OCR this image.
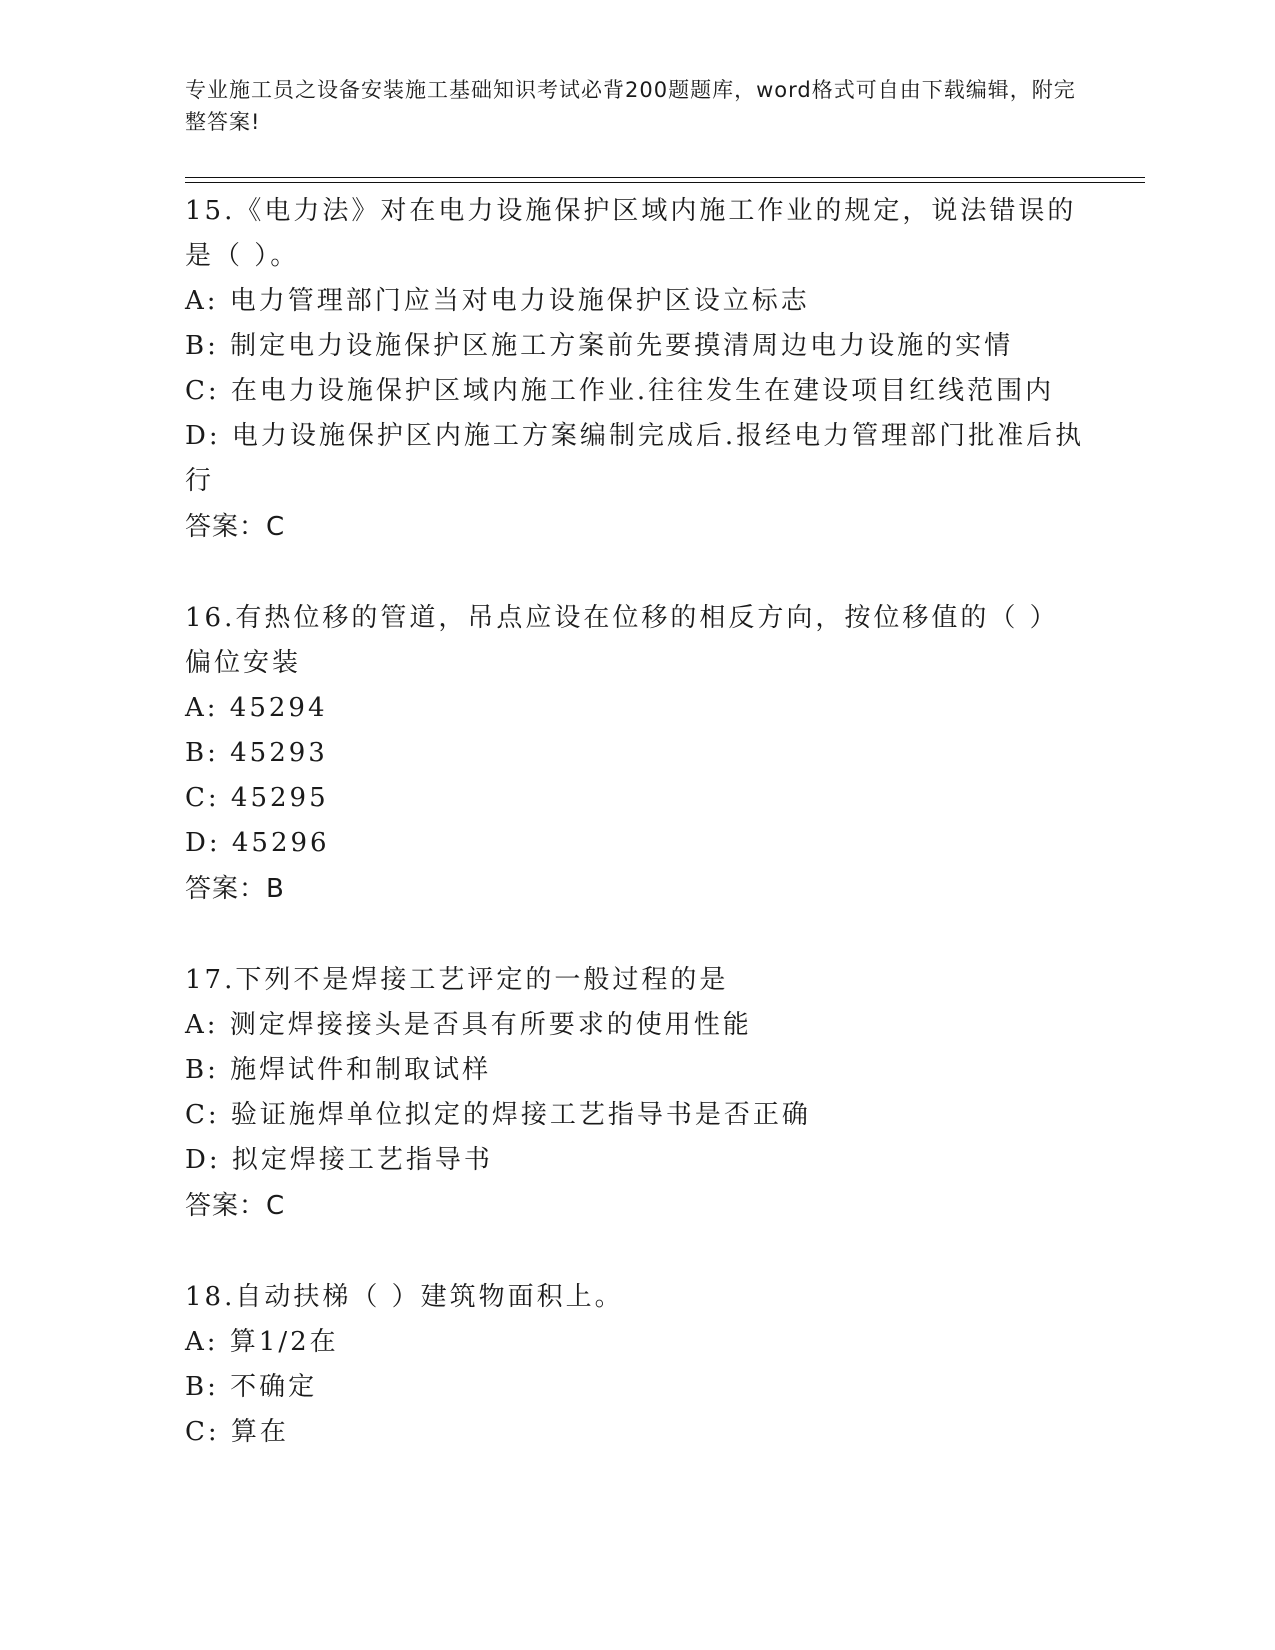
专业施工员之设备安装施工基础知识考试必背200题题库，word格式可自由下载编辑，附完整答案!
15.《电力法》对在电力设施保护区域内施工作业的规定，说法错误的是（ ）。
A: 电力管理部门应当对电力设施保护区设立标志
B: 制定电力设施保护区施工方案前先要摸清周边电力设施的实情
C: 在电力设施保护区域内施工作业.往往发生在建设项目红线范围内
D: 电力设施保护区内施工方案编制完成后.报经电力管理部门批准后执行
答案：C
16.有热位移的管道，吊点应设在位移的相反方向，按位移值的（ ）偏位安装
A: 45294
B: 45293
C: 45295
D: 45296
答案：B
17.下列不是焊接工艺评定的一般过程的是
A: 测定焊接接头是否具有所要求的使用性能
B: 施焊试件和制取试样
C: 验证施焊单位拟定的焊接工艺指导书是否正确
D: 拟定焊接工艺指导书
答案：C
18.自动扶梯（ ）建筑物面积上。
A: 算1/2在
B: 不确定
C: 算在
